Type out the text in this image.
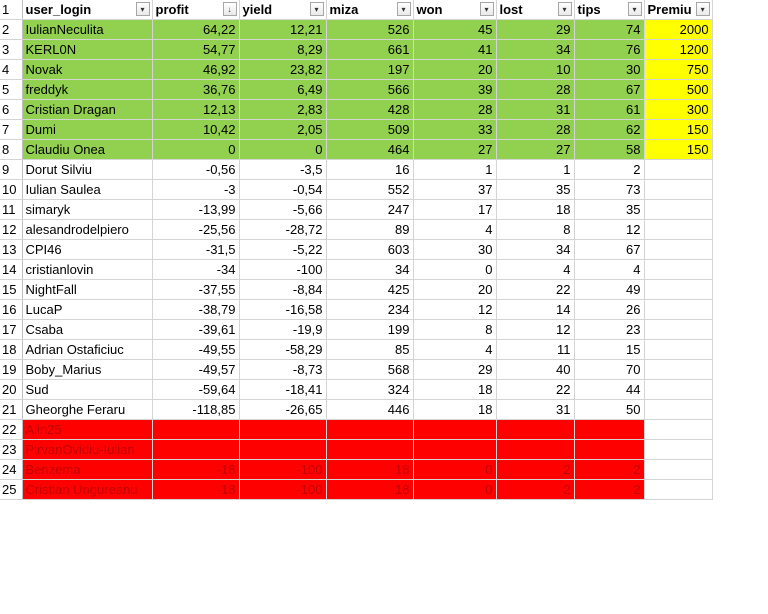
1	user_login ▾	profit ↓	yield ▾	miza ▾	won ▾	lost ▾	tips ▾	Premiu ▾

2	IulianNeculita	64,22	12,21	526	45	29	74	2000
3	KERL0N	54,77	8,29	661	41	34	76	1200
4	Novak	46,92	23,82	197	20	10	30	750
5	freddyk	36,76	6,49	566	39	28	67	500
6	Cristian Dragan	12,13	2,83	428	28	31	61	300
7	Dumi	10,42	2,05	509	33	28	62	150
8	Claudiu Onea	0	0	464	27	27	58	150
9	Dorut Silviu	-0,56	-3,5	16	1	1	2	
10	Iulian Saulea	-3	-0,54	552	37	35	73	
11	simaryk	-13,99	-5,66	247	17	18	35	
12	alesandrodelpiero	-25,56	-28,72	89	4	8	12	
13	CPI46	-31,5	-5,22	603	30	34	67	
14	cristianlovin	-34	-100	34	0	4	4	
15	NightFall	-37,55	-8,84	425	20	22	49	
16	LucaP	-38,79	-16,58	234	12	14	26	
17	Csaba	-39,61	-19,9	199	8	12	23	
18	Adrian Ostaficiuc	-49,55	-58,29	85	4	11	15	
19	Boby_Marius	-49,57	-8,73	568	29	40	70	
20	Sud	-59,64	-18,41	324	18	22	44	
21	Gheorghe Feraru	-118,85	-26,65	446	18	31	50	
22	Alin25							
23	PirvanOvidiu-Iulian							
24	Benzema	-18	-100	18	0	2	2	
25	Cristian Ungureanu	-18	-100	18	0	2	2	
